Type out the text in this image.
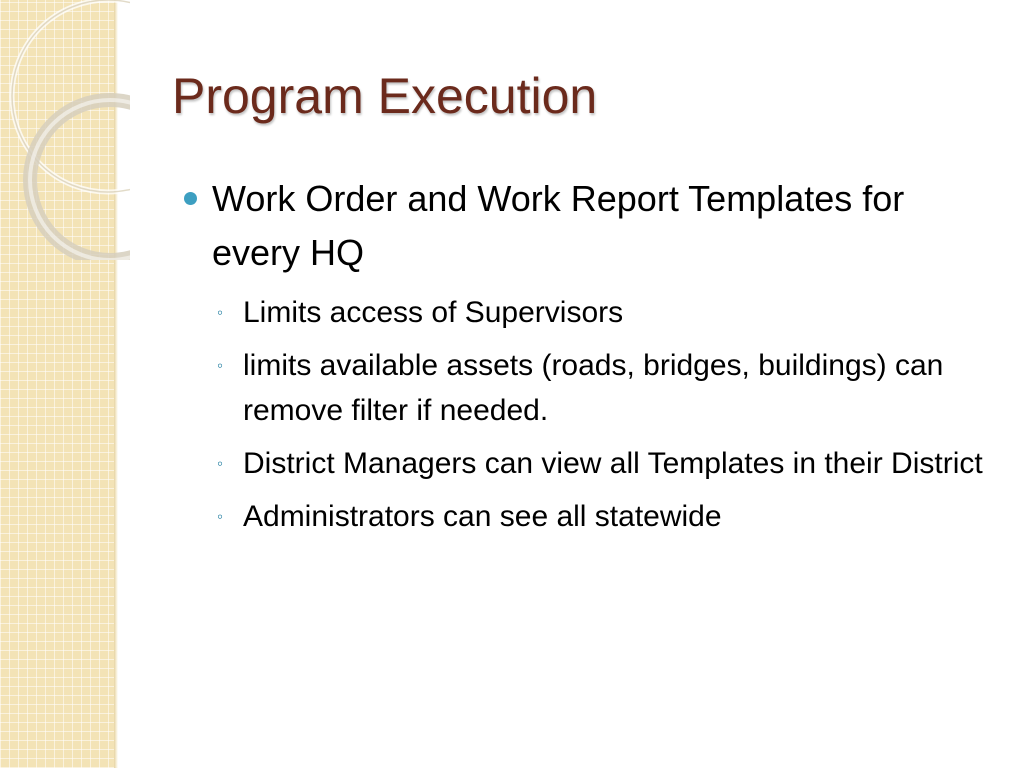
Program Execution
Work Order and Work Report Templates for every HQ
◦ Limits access of Supervisors
◦ limits available assets (roads, bridges, buildings) can remove filter if needed.
◦ District Managers can view all Templates in their District
◦ Administrators can see all statewide
